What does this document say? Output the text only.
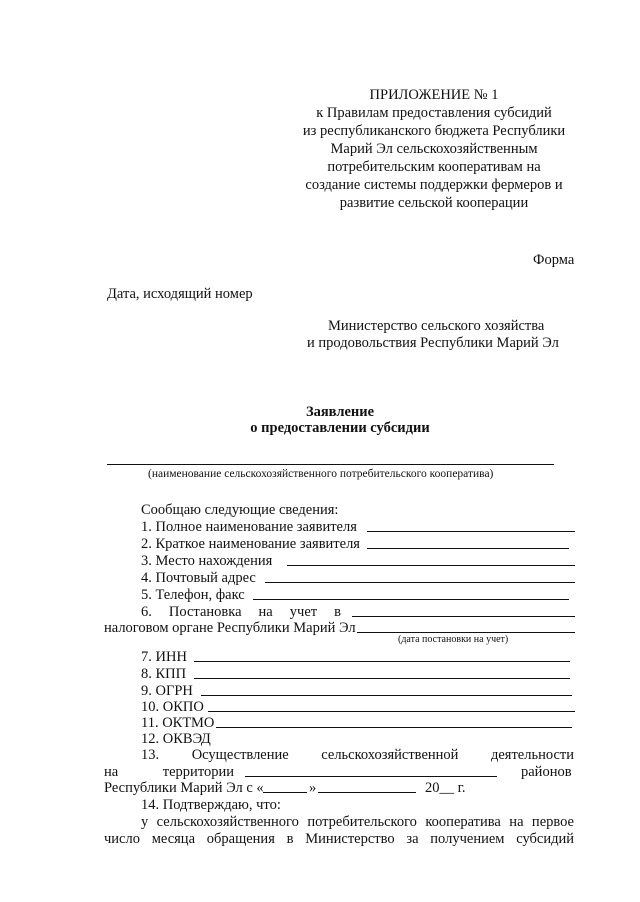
ПРИЛОЖЕНИЕ № 1
к Правилам предоставления субсидий
из республиканского бюджета Республики
Марий Эл сельскохозяйственным
потребительским кооперативам на
создание системы поддержки фермеров и
развитие сельской кооперации
Форма
Дата, исходящий номер
Министерство сельского хозяйства
и продовольствия Республики Марий Эл
Заявление
о предоставлении субсидии
(наименование сельскохозяйственного потребительского кооператива)
Сообщаю следующие сведения:
1. Полное наименование заявителя
2. Краткое наименование заявителя
3. Место нахождения
4. Почтовый адрес
5. Телефон, факс
6. Постановка на учет в
налоговом органе Республики Марий Эл
(дата постановки на учет)
7. ИНН
8. КПП
9. ОГРН
10. ОКПО
11. ОКТМО
12. ОКВЭД
13. Осуществление сельскохозяйственной деятельности
на территории	районов
Республики Марий Эл с «	»	20__ г.
14. Подтверждаю, что:
у сельскохозяйственного потребительского кооператива на первое
число месяца обращения в Министерство за получением субсидий
